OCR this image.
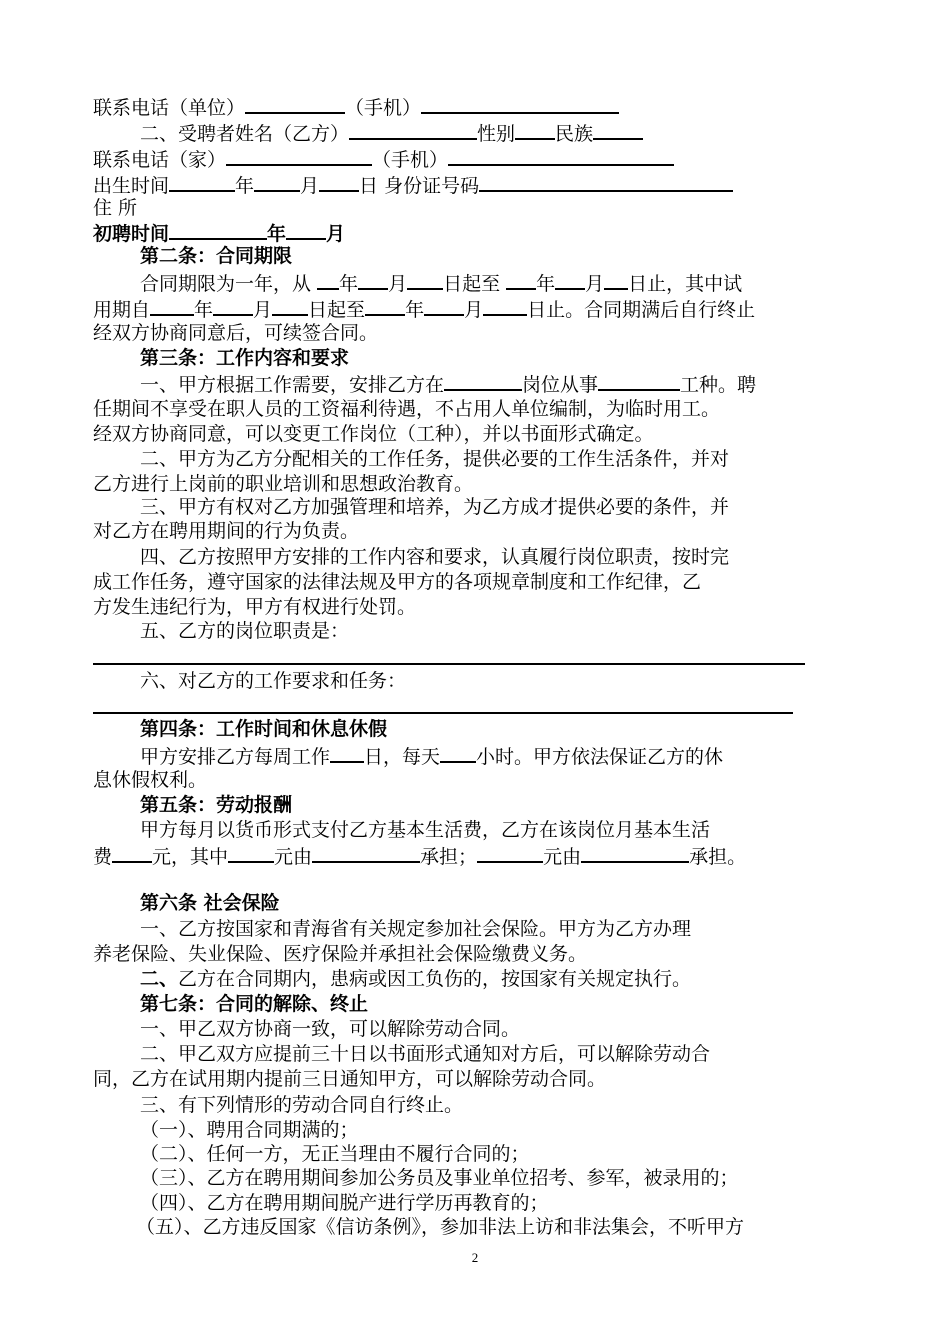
联系电话（单位）	（手机）
二、受聘者姓名（乙方）	性别 民族
联系电话（家）	（手机）
出生时间	年 月 日 身份证号码
住 所
初聘时间	年 月
第二条：合同期限
合同期限为一年，从 年 月 日起至 年 月 日止，其中试
用期自 年 月 日起至 年 月 日止。合同期满后自行终止
经双方协商同意后，可续签合同。
第三条：工作内容和要求
一、甲方根据工作需要，安排乙方在	岗位从事	工种。聘
任期间不享受在职人员的工资福利待遇，不占用人单位编制，为临时用工。
经双方协商同意，可以变更工作岗位（工种），并以书面形式确定。
二、甲方为乙方分配相关的工作任务，提供必要的工作生活条件，并对
乙方进行上岗前的职业培训和思想政治教育。
三、甲方有权对乙方加强管理和培养，为乙方成才提供必要的条件，并
对乙方在聘用期间的行为负责。
四、乙方按照甲方安排的工作内容和要求，认真履行岗位职责，按时完
成工作任务，遵守国家的法律法规及甲方的各项规章制度和工作纪律，乙
方发生违纪行为，甲方有权进行处罚。
五、乙方的岗位职责是：
六、对乙方的工作要求和任务：
第四条：工作时间和休息休假
甲方安排乙方每周工作 日，每天 小时。甲方依法保证乙方的休
息休假权利。
第五条：劳动报酬
甲方每月以货币形式支付乙方基本生活费，乙方在该岗位月基本生活
费 元，其中 元由	承担；	元由	承担。
第六条 社会保险
一、乙方按国家和青海省有关规定参加社会保险。甲方为乙方办理
养老保险、失业保险、医疗保险并承担社会保险缴费义务。
二、乙方在合同期内，患病或因工负伤的，按国家有关规定执行。
第七条：合同的解除、终止
一、甲乙双方协商一致，可以解除劳动合同。
二、甲乙双方应提前三十日以书面形式通知对方后，可以解除劳动合
同，乙方在试用期内提前三日通知甲方，可以解除劳动合同。
三、有下列情形的劳动合同自行终止。
（一）、聘用合同期满的；
（二）、任何一方，无正当理由不履行合同的；
（三）、乙方在聘用期间参加公务员及事业单位招考、参军，被录用的；
（四）、乙方在聘用期间脱产进行学历再教育的；
（五）、乙方违反国家《信访条例》，参加非法上访和非法集会，不听甲方
2
